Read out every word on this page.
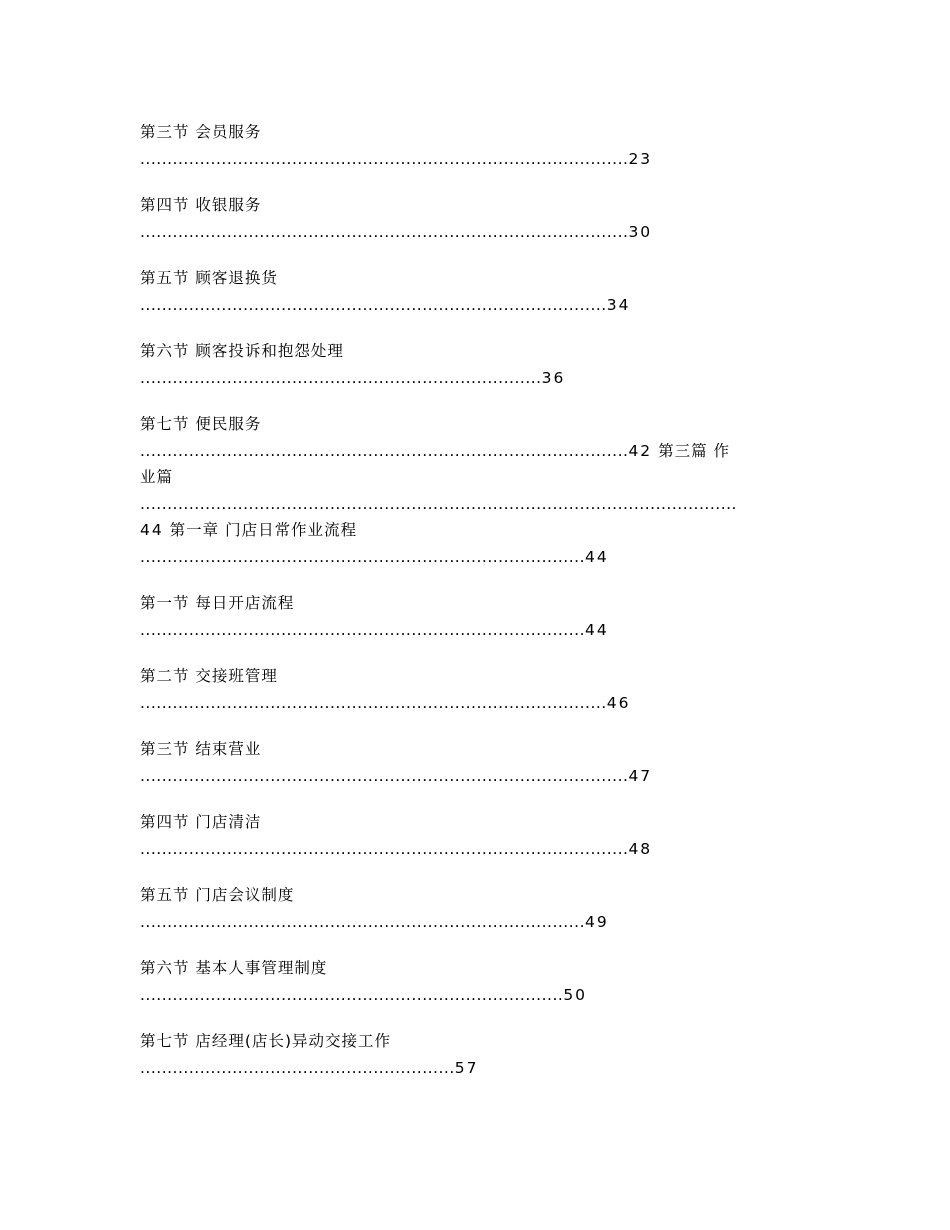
第三节 会员服务
..........................................................................................23
第四节 收银服务
..........................................................................................30
第五节 顾客退换货
......................................................................................34
第六节 顾客投诉和抱怨处理
..........................................................................36
第七节 便民服务
..........................................................................................42 第三篇 作
业篇
..............................................................................................................
44 第一章 门店日常作业流程
..................................................................................44
第一节 每日开店流程
..................................................................................44
第二节 交接班管理
......................................................................................46
第三节 结束营业
..........................................................................................47
第四节 门店清洁
..........................................................................................48
第五节 门店会议制度
..................................................................................49
第六节 基本人事管理制度
..............................................................................50
第七节 店经理(店长)异动交接工作
..........................................................57
